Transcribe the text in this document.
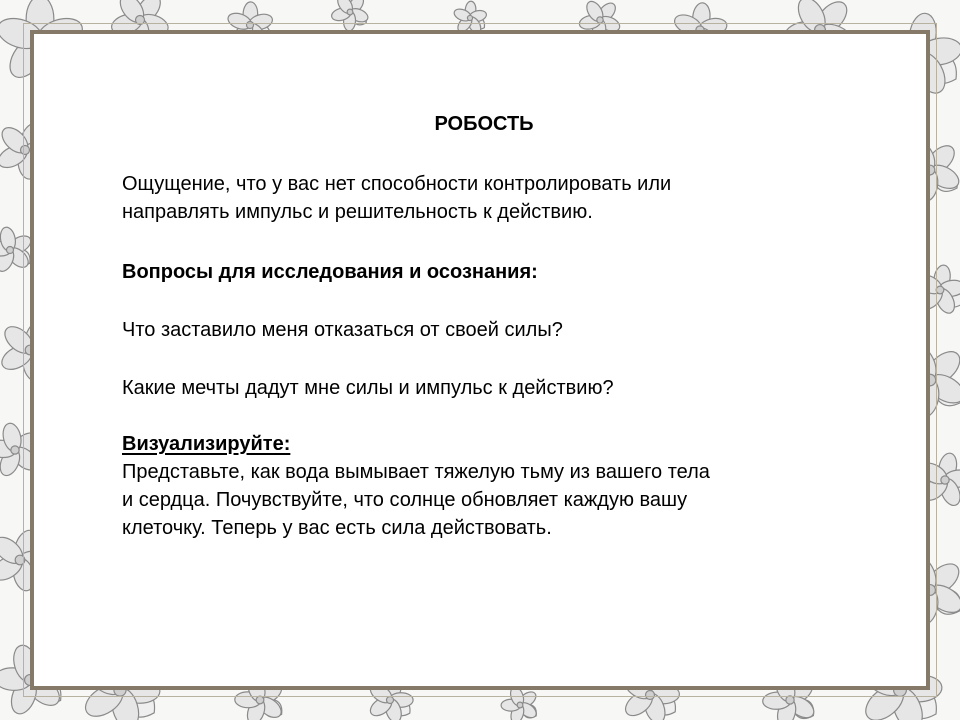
РОБОСТЬ
Ощущение, что у вас нет способности контролировать или
направлять импульс и решительность к действию.
Вопросы для исследования и осознания:
Что заставило меня отказаться от своей силы?
Какие мечты дадут мне силы и импульс к действию?
Визуализируйте:
Представьте, как вода вымывает тяжелую тьму из вашего тела
и сердца. Почувствуйте, что солнце обновляет каждую вашу
клеточку. Теперь у вас есть сила действовать.
